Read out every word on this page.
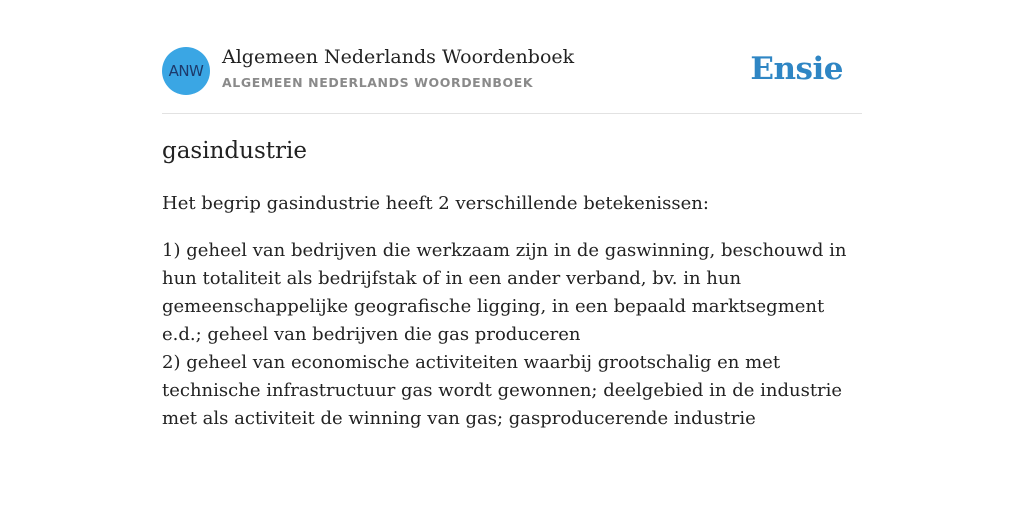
ANW
Algemeen Nederlands Woordenboek
ALGEMEEN NEDERLANDS WOORDENBOEK	Ensie
gasindustrie
Het begrip gasindustrie heeft 2 verschillende betekenissen:
1) geheel van bedrijven die werkzaam zijn in de gaswinning, beschouwd in hun totaliteit als bedrijfstak of in een ander verband, bv. in hun gemeenschappelijke geografische ligging, in een bepaald marktsegment e.d.; geheel van bedrijven die gas produceren
2) geheel van economische activiteiten waarbij grootschalig en met technische infrastructuur gas wordt gewonnen; deelgebied in de industrie met als activiteit de winning van gas; gasproducerende industrie
